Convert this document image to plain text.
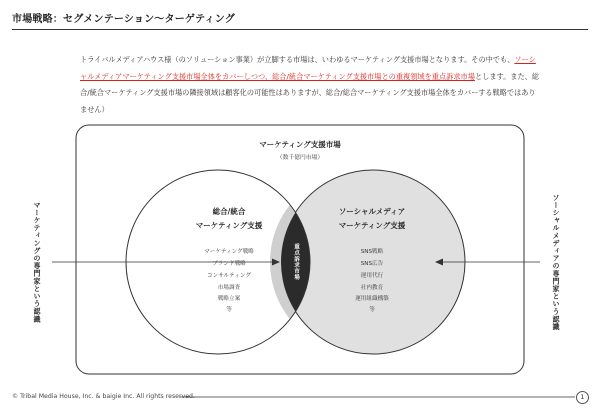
市場戦略：セグメンテーション〜ターゲティング
トライバルメディアハウス様（のソリューション事業）が立脚する市場は、いわゆるマーケティング支援市場となります。その中でも、ソーシャルメディアマーケティング支援市場全体をカバーしつつ、総合/統合マーケティング支援市場との重複領域を重点訴求市場とします。また、総合/統合マーケティング支援市場の隣接領域は顧客化の可能性はありますが、総合/総合マーケティング支援市場全体をカバーする戦略ではありません）
マーケティング支援市場
（数千億円市場）
総合/統合
マーケティング支援
マーケティング戦略
ブランド戦略
コンサルティング
市場調査
戦略立案
等
ソーシャルメディア
マーケティング支援
SNS戦略
SNS広告
運用代行
社内教育
運用組織構築
等
重点訴求市場
マーケティングの専門家という認識	ソーシャルメディアの専門家という認識
© Tribal Media House, Inc. & baigie Inc. All rights reserved.	1
